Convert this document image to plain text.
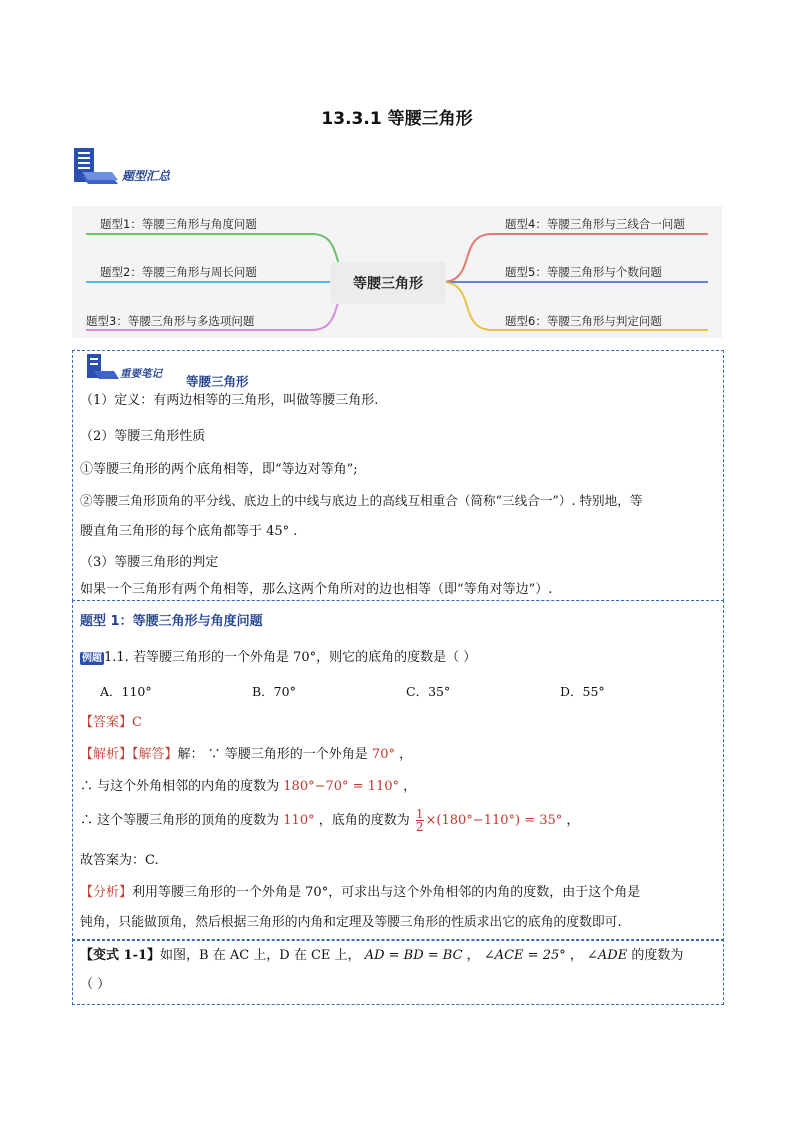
13.3.1 等腰三角形
题型汇总
等腰三角形
题型1：等腰三角形与角度问题
题型2：等腰三角形与周长问题
题型3：等腰三角形与多选项问题
题型4：等腰三角形与三线合一问题
题型5：等腰三角形与个数问题
题型6：等腰三角形与判定问题
重要笔记 等腰三角形
（1）定义：有两边相等的三角形，叫做等腰三角形.
（2）等腰三角形性质
①等腰三角形的两个底角相等，即“等边对等角”;
②等腰三角形顶角的平分线、底边上的中线与底边上的高线互相重合（简称“三线合一”）. 特别地，等
腰直角三角形的每个底角都等于 45° .
（3）等腰三角形的判定
如果一个三角形有两个角相等，那么这两个角所对的边也相等（即“等角对等边”）.
题型 1：等腰三角形与角度问题
例题 1.1. 若等腰三角形的一个外角是 70°，则它的底角的度数是（ ）
A．110°	B．70°	C．35°	D．55°
【答案】C
【解析】【解答】解： ∵ 等腰三角形的一个外角是 70° ，
∴ 与这个外角相邻的内角的度数为 180°−70° = 110° ，
∴ 这个等腰三角形的顶角的度数为 110° ，底角的度数为 $\frac{1}{2} \times(180^\circ-110^\circ) = 35^\circ$ ，
故答案为：C.
【分析】利用等腰三角形的一个外角是 70°，可求出与这个外角相邻的内角的度数，由于这个角是
钝角，只能做顶角，然后根据三角形的内角和定理及等腰三角形的性质求出它的底角的度数即可.
【变式 1-1】如图，B 在 AC 上，D 在 CE 上， AD = BD = BC ， ∠ACE = 25° ， ∠ADE 的度数为
（ ）
